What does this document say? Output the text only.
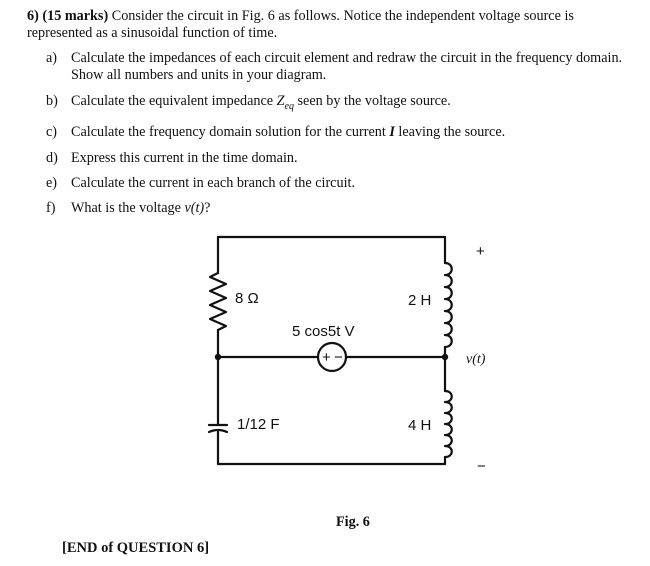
6) (15 marks) Consider the circuit in Fig. 6 as follows. Notice the independent voltage source is represented as a sinusoidal function of time.
a) Calculate the impedances of each circuit element and redraw the circuit in the frequency domain. Show all numbers and units in your diagram.
b) Calculate the equivalent impedance $Z_{eq}$ seen by the voltage source.
c) Calculate the frequency domain solution for the current I leaving the source.
d) Express this current in the time domain.
e) Calculate the current in each branch of the circuit.
f)	What is the voltage v(t)?
8 Ω
1/12 F
2 H
4 H
5 cos5t V
+ −
+
v(t)
−
Fig. 6
[END of QUESTION 6]
